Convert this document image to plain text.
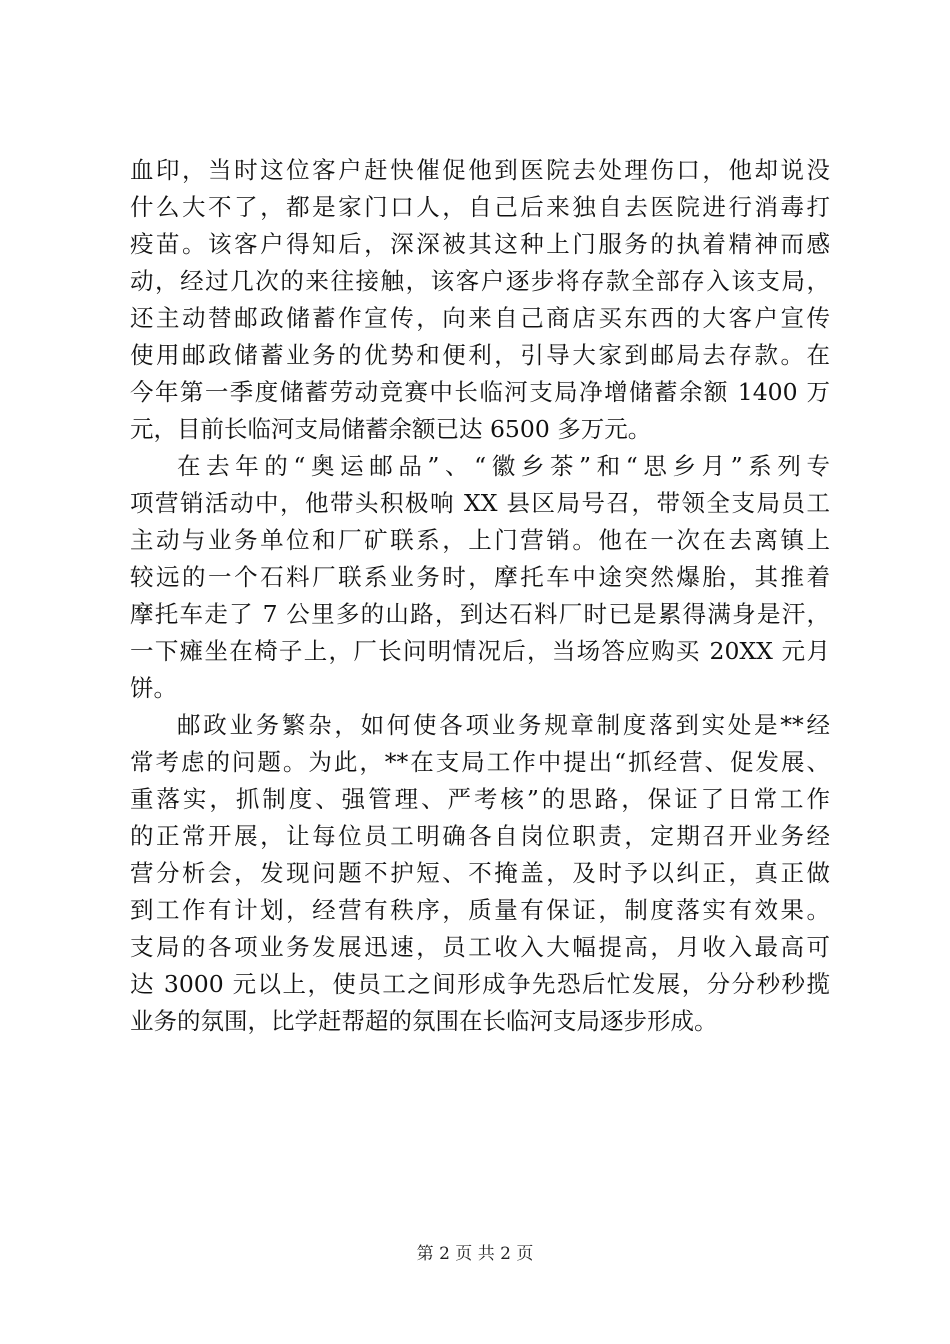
血印，当时这位客户赶快催促他到医院去处理伤口，他却说没
什么大不了，都是家门口人，自己后来独自去医院进行消毒打
疫苗。该客户得知后，深深被其这种上门服务的执着精神而感
动，经过几次的来往接触，该客户逐步将存款全部存入该支局，
还主动替邮政储蓄作宣传，向来自己商店买东西的大客户宣传
使用邮政储蓄业务的优势和便利，引导大家到邮局去存款。在
今年第一季度储蓄劳动竞赛中长临河支局净增储蓄余额 1400 万
元，目前长临河支局储蓄余额已达 6500 多万元。
在去年的“奥运邮品”、“徽乡茶”和“思乡月”系列专
项营销活动中，他带头积极响 XX 县区局号召，带领全支局员工
主动与业务单位和厂矿联系，上门营销。他在一次在去离镇上
较远的一个石料厂联系业务时，摩托车中途突然爆胎，其推着
摩托车走了 7 公里多的山路，到达石料厂时已是累得满身是汗，
一下瘫坐在椅子上，厂长问明情况后，当场答应购买 20XX 元月
饼。
邮政业务繁杂，如何使各项业务规章制度落到实处是**经
常考虑的问题。为此，**在支局工作中提出“抓经营、促发展、
重落实，抓制度、强管理、严考核”的思路，保证了日常工作
的正常开展，让每位员工明确各自岗位职责，定期召开业务经
营分析会，发现问题不护短、不掩盖，及时予以纠正，真正做
到工作有计划，经营有秩序，质量有保证，制度落实有效果。
支局的各项业务发展迅速，员工收入大幅提高，月收入最高可
达 3000 元以上，使员工之间形成争先恐后忙发展，分分秒秒揽
业务的氛围，比学赶帮超的氛围在长临河支局逐步形成。
第 2 页 共 2 页
